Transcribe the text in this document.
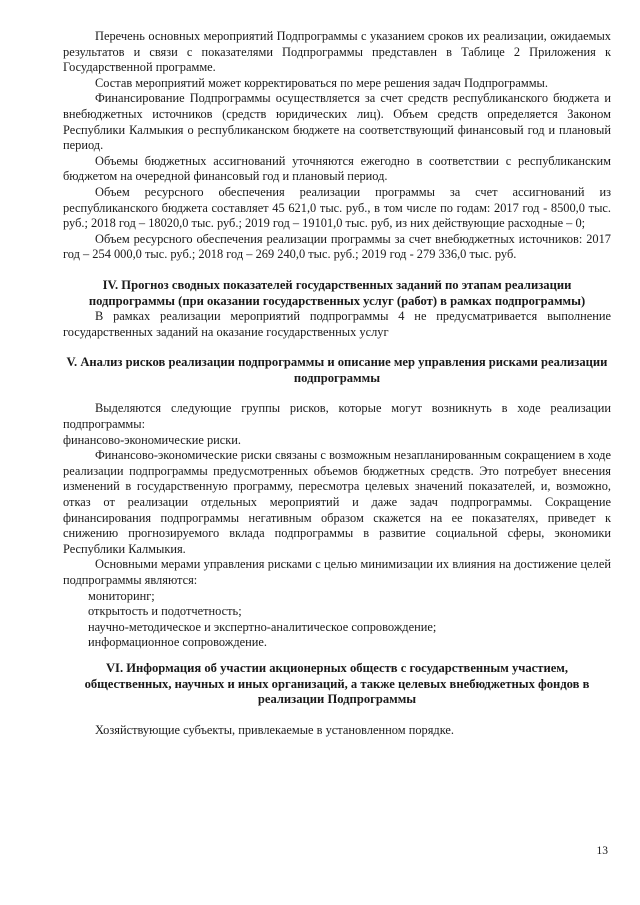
Перечень основных мероприятий Подпрограммы с указанием сроков их реализации, ожидаемых результатов и связи с показателями Подпрограммы представлен в Таблице 2 Приложения к Государственной программе.

Состав мероприятий может корректироваться по мере решения задач Подпрограммы.

Финансирование Подпрограммы осуществляется за счет средств республиканского бюджета и внебюджетных источников (средств юридических лиц). Объем средств определяется Законом Республики Калмыкия о республиканском бюджете на соответствующий финансовый год и плановый период.

Объемы бюджетных ассигнований уточняются ежегодно в соответствии с республиканским бюджетом на очередной финансовый год и плановый период.

Объем ресурсного обеспечения реализации программы за счет ассигнований из республиканского бюджета составляет 45 621,0 тыс. руб., в том числе по годам: 2017 год - 8500,0 тыс. руб.; 2018 год – 18020,0 тыс. руб.; 2019 год – 19101,0 тыс. руб, из них действующие расходные – 0;

Объем ресурсного обеспечения реализации программы за счет внебюджетных источников: 2017 год – 254 000,0 тыс. руб.; 2018 год – 269 240,0 тыс. руб.; 2019 год - 279 336,0 тыс. руб.

IV. Прогноз сводных показателей государственных заданий по этапам реализации подпрограммы (при оказании государственных услуг (работ) в рамках подпрограммы)

В рамках реализации мероприятий подпрограммы 4 не предусматривается выполнение государственных заданий на оказание государственных услуг

V. Анализ рисков реализации подпрограммы и описание мер управления рисками реализации подпрограммы

Выделяются следующие группы рисков, которые могут возникнуть в ходе реализации подпрограммы:

финансово-экономические риски.

Финансово-экономические риски связаны с возможным незапланированным сокращением в ходе реализации подпрограммы предусмотренных объемов бюджетных средств. Это потребует внесения изменений в государственную программу, пересмотра целевых значений показателей, и, возможно, отказ от реализации отдельных мероприятий и даже задач подпрограммы. Сокращение финансирования подпрограммы негативным образом скажется на ее показателях, приведет к снижению прогнозируемого вклада подпрограммы в развитие социальной сферы, экономики Республики Калмыкия.

Основными мерами управления рисками с целью минимизации их влияния на достижение целей подпрограммы являются:

мониторинг;

открытость и подотчетность;

научно-методическое и экспертно-аналитическое сопровождение;

информационное сопровождение.

VI. Информация об участии акционерных обществ с государственным участием, общественных, научных и иных организаций, а также целевых внебюджетных фондов в реализации Подпрограммы

Хозяйствующие субъекты, привлекаемые в установленном порядке.

13
